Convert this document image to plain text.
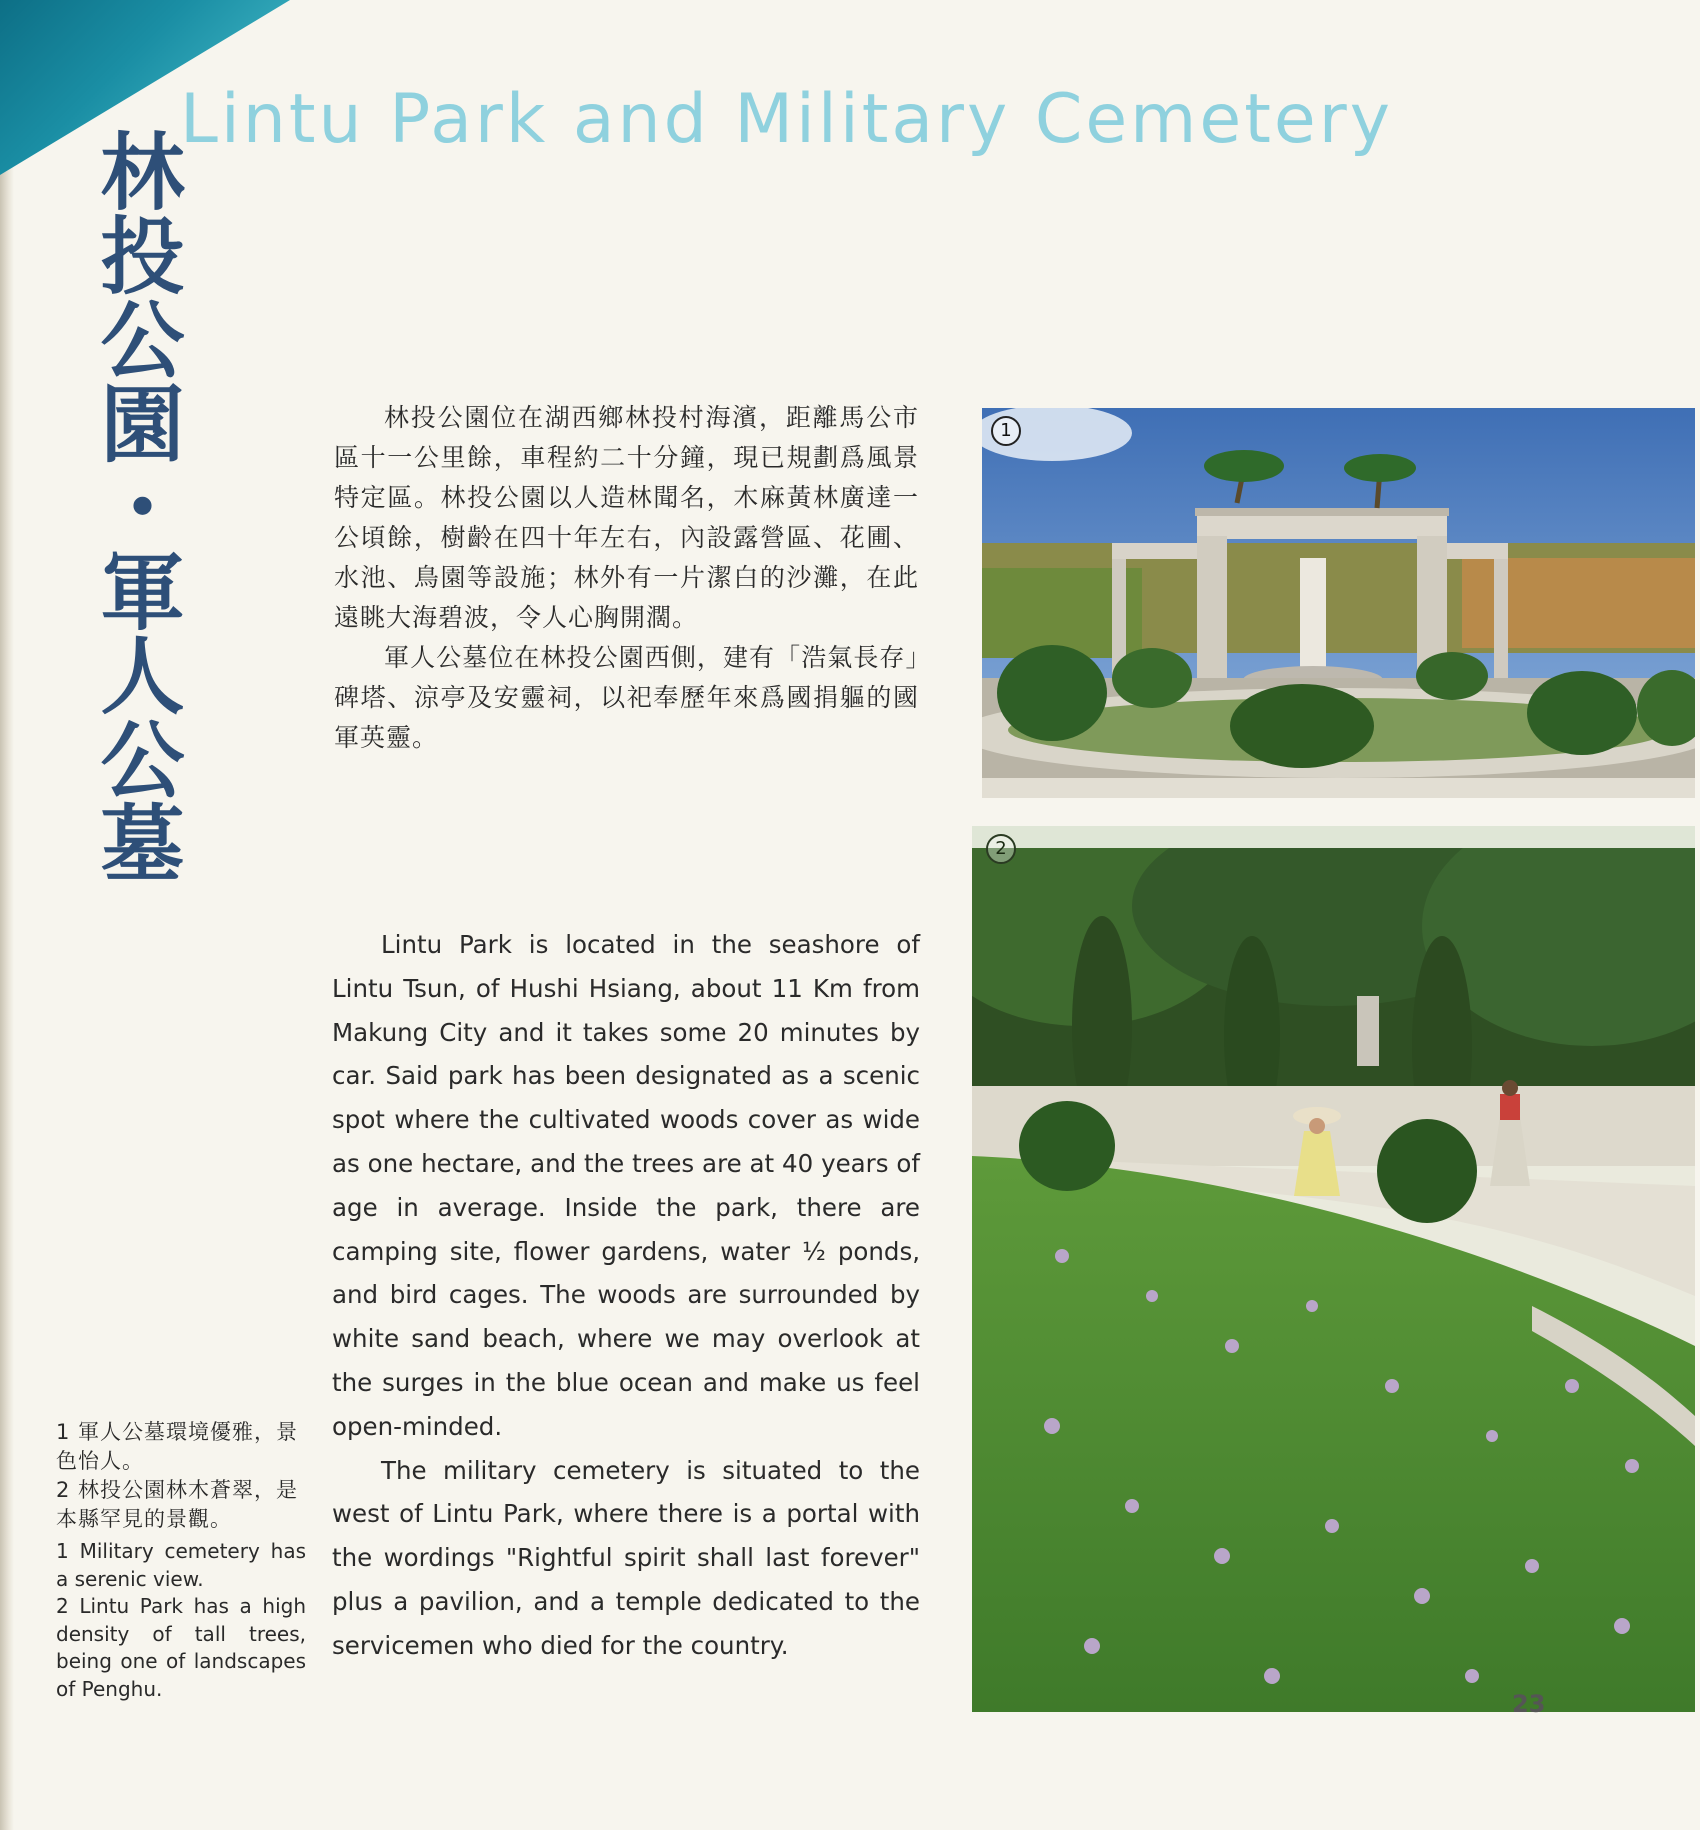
Lintu Park and Military Cemetery
林投公園・軍人公墓	林投公園位在湖西鄉林投村海濱，距離馬公市區十一公里餘，車程約二十分鐘，現已規劃爲風景特定區。林投公園以人造林聞名，木麻黃林廣達一公頃餘，樹齡在四十年左右，內設露營區、花圃、水池、鳥園等設施；林外有一片潔白的沙灘，在此遠眺大海碧波，令人心胸開濶。

軍人公墓位在林投公園西側，建有「浩氣長存」碑塔、涼亭及安靈祠，以祀奉歷年來爲國捐軀的國軍英靈。

Lintu Park is located in the seashore of Lintu Tsun, of Hushi Hsiang, about 11 Km from Makung City and it takes some 20 minutes by car. Said park has been designated as a scenic spot where the cultivated woods cover as wide as one hectare, and the trees are at 40 years of age in average. Inside the park, there are camping site, flower gardens, water ½ ponds, and bird cages. The woods are surrounded by white sand beach, where we may overlook at the surges in the blue ocean and make us feel open-minded.

The military cemetery is situated to the west of Lintu Park, where there is a portal with the wordings "Rightful spirit shall last forever" plus a pavilion, and a temple dedicated to the servicemen who died for the country.

1 軍人公墓環境優雅，景色怡人。

2 林投公園林木蒼翠，是本縣罕見的景觀。

1 Military cemetery has a serenic view.

2 Lintu Park has a high density of tall trees, being one of landscapes of Penghu.

1
2
23
